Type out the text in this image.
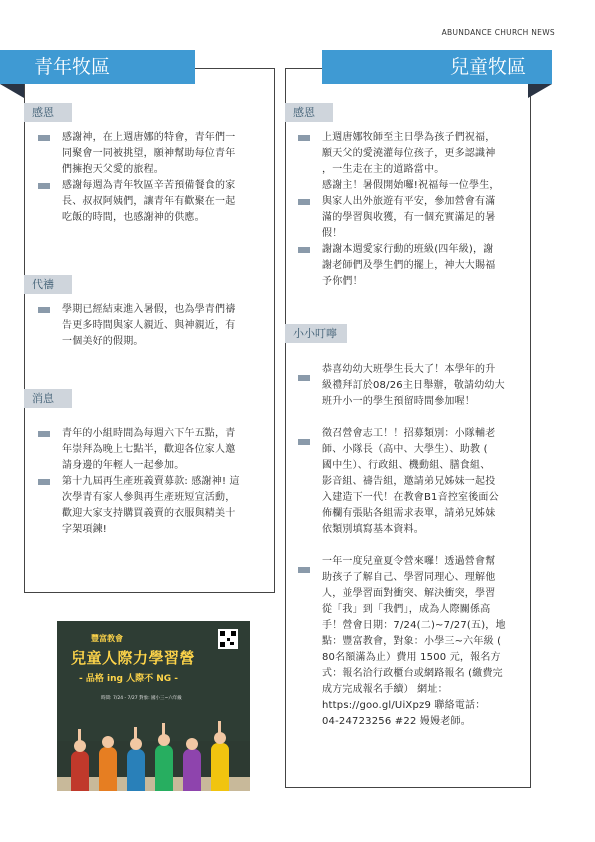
ABUNDANCE CHURCH NEWS
青年牧區
感恩
感謝神，在上週唐娜的特會，青年們一
同聚會一同被挑望，願神幫助每位青年
們擁抱天父愛的旅程。
感謝每週為青年牧區辛苦預備餐食的家
長、叔叔阿姨們，讓青年有歡聚在一起
吃飯的時間，也感謝神的供應。
代禱
學期已經結束進入暑假，也為學青們禱
告更多時間與家人親近、與神親近，有
一個美好的假期。
消息
青年的小組時間為每週六下午五點，青
年崇拜為晚上七點半，歡迎各位家人邀
請身邊的年輕人一起參加。
第十九屆再生產班義賣募款: 感謝神! 這
次學青有家人參與再生產班短宣活動，
歡迎大家支持購買義賣的衣服與精美十
字架項鍊!
兒童牧區
感恩
上週唐娜牧師至主日學為孩子們祝福，
願天父的愛澆灌每位孩子，更多認識神
，一生走在主的道路當中。
感謝主！暑假開始囉!祝福每一位學生，
與家人出外旅遊有平安，參加營會有滿
滿的學習與收獲，有一個充實滿足的暑
假！
謝謝本週愛家行動的班級(四年級)，謝
謝老師們及學生們的擺上，神大大賜福
予你們！
小小叮嚀
恭喜幼幼大班學生長大了！本學年的升
級禮拜訂於08/26主日舉辦，敬請幼幼大
班升小一的學生預留時間參加喔！
徵召營會志工！！招募類別：小隊輔老
師、小隊長（高中、大學生）、助教 (
國中生）、行政組、機動組、膳食組、
影音組、禱告組，邀請弟兄姊妹一起投
入建造下一代！在教會B1音控室後面公
佈欄有張貼各組需求表單，請弟兄姊妹
依類別填寫基本資料。
一年一度兒童夏令營來囉！透過營會幫
助孩子了解自己、學習同理心、理解他
人，並學習面對衝突、解決衝突，學習
從「我」到「我們」，成為人際關係高
手！營會日期：7/24(二)~7/27(五)，地
點：豐富教會，對象：小學三~六年級 (
80名額滿為止）費用 1500 元，報名方
式：報名洽行政櫃台或網路報名 (繳費完
成方完成報名手續） 網址：
https://goo.gl/UiXpz9 聯絡電話：
04-24723256 #22 嫚嫚老師。
豐富教會
兒童人際力學習營
- 品格 ing 人際不 NG -
時間: 7/24 - 7/27 對象: 國小三~六年級
